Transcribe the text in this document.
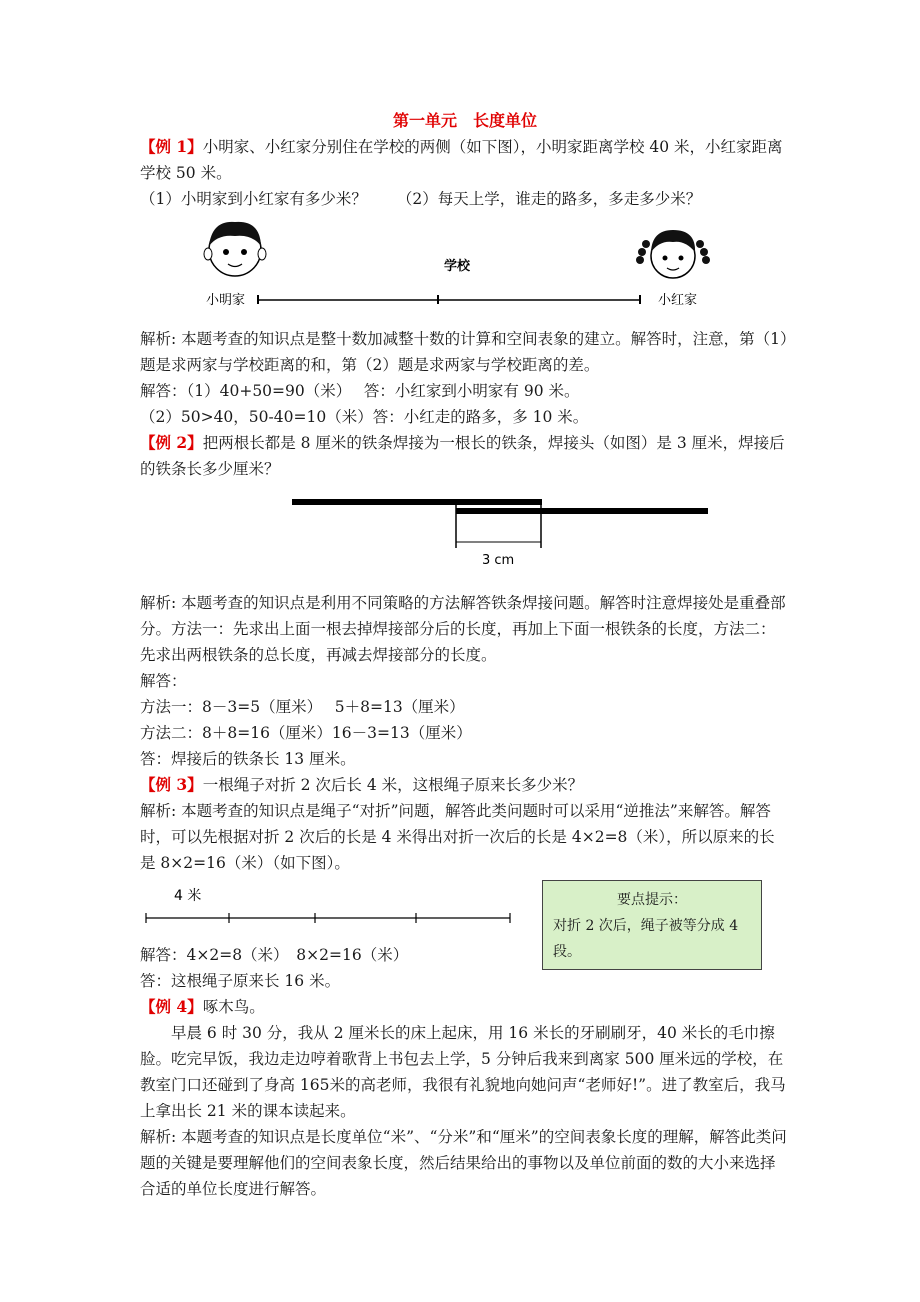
第一单元　长度单位

【例 1】小明家、小红家分别住在学校的两侧（如下图），小明家距离学校 40 米，小红家距离学校 50 米。

（1）小明家到小红家有多少米？ （2）每天上学，谁走的路多，多走多少米？

学校
小明家	小红家

解析: 本题考查的知识点是整十数加减整十数的计算和空间表象的建立。解答时，注意，第（1）题是求两家与学校距离的和，第（2）题是求两家与学校距离的差。

解答：（1）40+50=90（米）　 答：小红家到小明家有 90 米。

（2）50>40，50-40=10（米）答：小红走的路多，多 10 米。

【例 2】把两根长都是 8 厘米的铁条焊接为一根长的铁条，焊接头（如图）是 3 厘米，焊接后的铁条长多少厘米？

3 cm

解析: 本题考查的知识点是利用不同策略的方法解答铁条焊接问题。解答时注意焊接处是重叠部分。方法一：先求出上面一根去掉焊接部分后的长度，再加上下面一根铁条的长度，方法二：先求出两根铁条的总长度，再减去焊接部分的长度。

解答：

方法一：8－3=5（厘米）　 5＋8=13（厘米）

方法二：8＋8=16（厘米）16－3=13（厘米）

答：焊接后的铁条长 13 厘米。

【例 3】一根绳子对折 2 次后长 4 米，这根绳子原来长多少米？

解析: 本题考查的知识点是绳子“对折”问题，解答此类问题时可以采用“逆推法”来解答。解答时，可以先根据对折 2 次后的长是 4 米得出对折一次后的长是 4×2=8（米），所以原来的长是 8×2=16（米）（如下图）。

4 米	要点提示：
对折 2 次后，绳子被等分成 4 段。

解答：4×2=8（米）　8×2=16（米）

答：这根绳子原来长 16 米。

【例 4】啄木鸟。

早晨 6 时 30 分，我从 2 厘米长的床上起床，用 16 米长的牙刷刷牙，40 米长的毛巾擦脸。吃完早饭，我边走边哼着歌背上书包去上学，5 分钟后我来到离家 500 厘米远的学校，在教室门口还碰到了身高 165米的高老师，我很有礼貌地向她问声“老师好!”。进了教室后，我马上拿出长 21 米的课本读起来。

解析: 本题考查的知识点是长度单位“米”、“分米”和“厘米”的空间表象长度的理解，解答此类问题的关键是要理解他们的空间表象长度，然后结果给出的事物以及单位前面的数的大小来选择合适的单位长度进行解答。
